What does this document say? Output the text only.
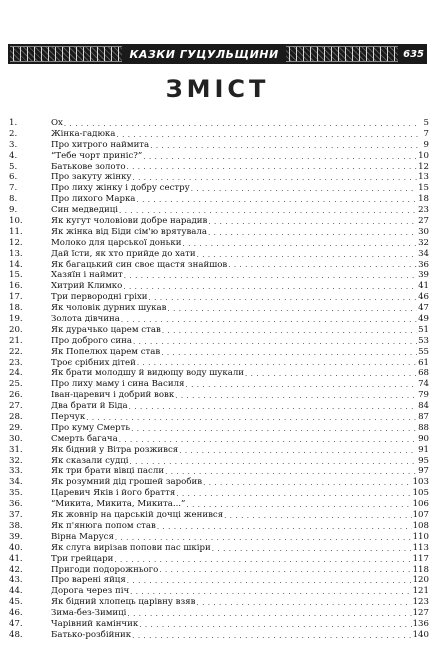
КАЗКИ ГУЦУЛЬЩИНИ	635
ЗМІСТ
1.	Ох . . .	5
2.	Жінка-гадюка . . .	7
3.	Про хитрого наймита . . .	9
4.	“Тебе чорт приніс?” . . .	10
5.	Батькове золото . . .	12
6.	Про закуту жінку . . .	13
7.	Про лиху жінку і добру сестру . . .	15
8.	Про лихого Марка . . .	18
9.	Син медведиці . . .	23
10.	Як кугут чоловіови добре нарадив . . .	27
11.	Як жінка від Біди сім'ю врятувала . . .	30
12.	Молоко для царської доньки . . .	32
13.	Дай їсти, як хто прийде до хати . . .	34
14.	Як багацький син своє щастя знайшов . . .	36
15.	Хазяїн і наймит . . .	39
16.	Хитрий Климко . . .	41
17.	Три первородні гріхи . . .	46
18.	Як чоловік дурних шукав . . .	47
19.	Золота дівчина . . .	49
20.	Як дурачько царем став . . .	51
21.	Про доброго сина . . .	53
22.	Як Попелюх царем став . . .	55
23.	Троє срібних дітей . . .	61
24.	Як брати молодшу й видющу воду шукали . . .	68
25.	Про лиху маму і сина Василя . . .	74
26.	Іван-царевич і добрий вовк . . .	79
27.	Два брати й Біда . . .	84
28.	Перчук . . .	87
29.	Про куму Смерть . . .	88
30.	Смерть багача . . .	90
31.	Як бідний у Вітра розжився . . .	91
32.	Як сказали судці . . .	95
33.	Як три брати вівці пасли . . .	97
34.	Як розумний дід грошей заробив . . .	103
35.	Царевич Яків і його браття . . .	105
36.	“Микита, Микита, Микита...” . . .	106
37.	Як жовнір на царській дочці женився . . .	107
38.	Як п'янюга попом став . . .	108
39.	Вірна Маруся . . .	110
40.	Як слуга вирізав попови пас шкіри . . .	113
41.	Три грейцари . . .	117
42.	Пригоди подорожнього . . .	118
43.	Про варені яйця . . .	120
44.	Дорога через піч . . .	121
45.	Як бідний хлопець царівну взяв . . .	123
46.	Зима-без-Зимиці . . .	127
47.	Чарівний камінчик . . .	136
48.	Батько-розбійник . . .	140
